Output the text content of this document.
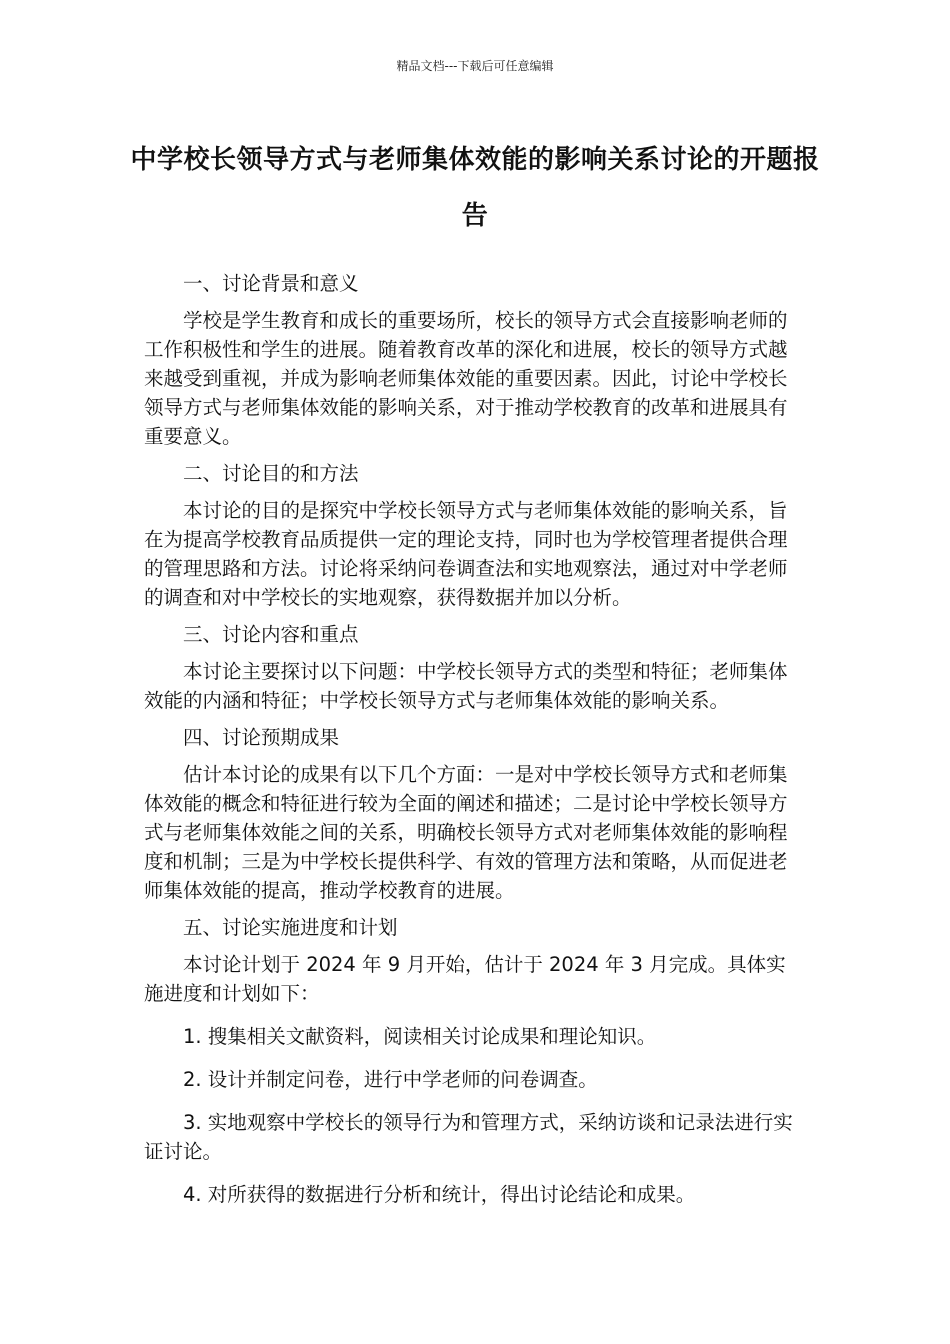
精品文档---下载后可任意编辑
中学校长领导方式与老师集体效能的影响关系讨论的开题报告

一、讨论背景和意义

学校是学生教育和成长的重要场所，校长的领导方式会直接影响老师的工作积极性和学生的进展。随着教育改革的深化和进展，校长的领导方式越来越受到重视，并成为影响老师集体效能的重要因素。因此，讨论中学校长领导方式与老师集体效能的影响关系，对于推动学校教育的改革和进展具有重要意义。

二、讨论目的和方法

本讨论的目的是探究中学校长领导方式与老师集体效能的影响关系，旨在为提高学校教育品质提供一定的理论支持，同时也为学校管理者提供合理的管理思路和方法。讨论将采纳问卷调查法和实地观察法，通过对中学老师的调查和对中学校长的实地观察，获得数据并加以分析。

三、讨论内容和重点

本讨论主要探讨以下问题：中学校长领导方式的类型和特征；老师集体效能的内涵和特征；中学校长领导方式与老师集体效能的影响关系。

四、讨论预期成果

估计本讨论的成果有以下几个方面：一是对中学校长领导方式和老师集体效能的概念和特征进行较为全面的阐述和描述；二是讨论中学校长领导方式与老师集体效能之间的关系，明确校长领导方式对老师集体效能的影响程度和机制；三是为中学校长提供科学、有效的管理方法和策略，从而促进老师集体效能的提高，推动学校教育的进展。

五、讨论实施进度和计划

本讨论计划于 2024 年 9 月开始，估计于 2024 年 3 月完成。具体实施进度和计划如下：

1. 搜集相关文献资料，阅读相关讨论成果和理论知识。

2. 设计并制定问卷，进行中学老师的问卷调查。

3. 实地观察中学校长的领导行为和管理方式，采纳访谈和记录法进行实证讨论。

4. 对所获得的数据进行分析和统计，得出讨论结论和成果。
